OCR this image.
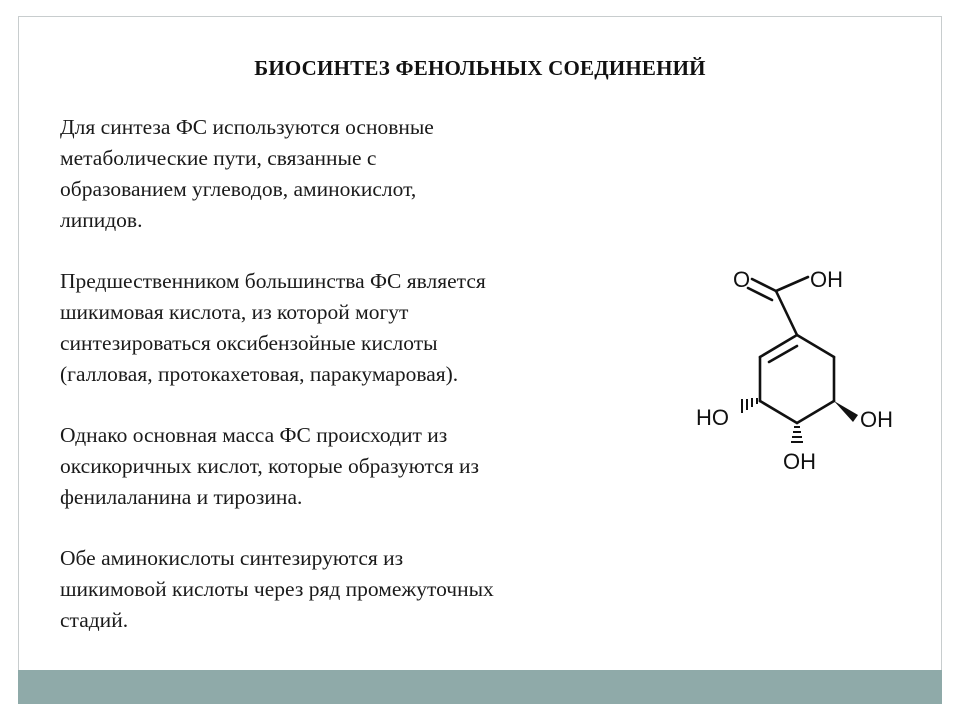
БИОСИНТЕЗ ФЕНОЛЬНЫХ СОЕДИНЕНИЙ

Для синтеза ФС используются основные
метаболические пути, связанные с
образованием углеводов, аминокислот,
липидов.

Предшественником большинства ФС является
шикимовая кислота, из которой могут
синтезироваться оксибензойные кислоты
(галловая, протокахетовая, паракумаровая).

Однако основная масса ФС происходит из
оксикоричных кислот, которые образуются из
фенилаланина и тирозина.

Обе аминокислоты синтезируются из
шикимовой кислоты через ряд промежуточных
стадий.

O	OH
HO	OH
OH
